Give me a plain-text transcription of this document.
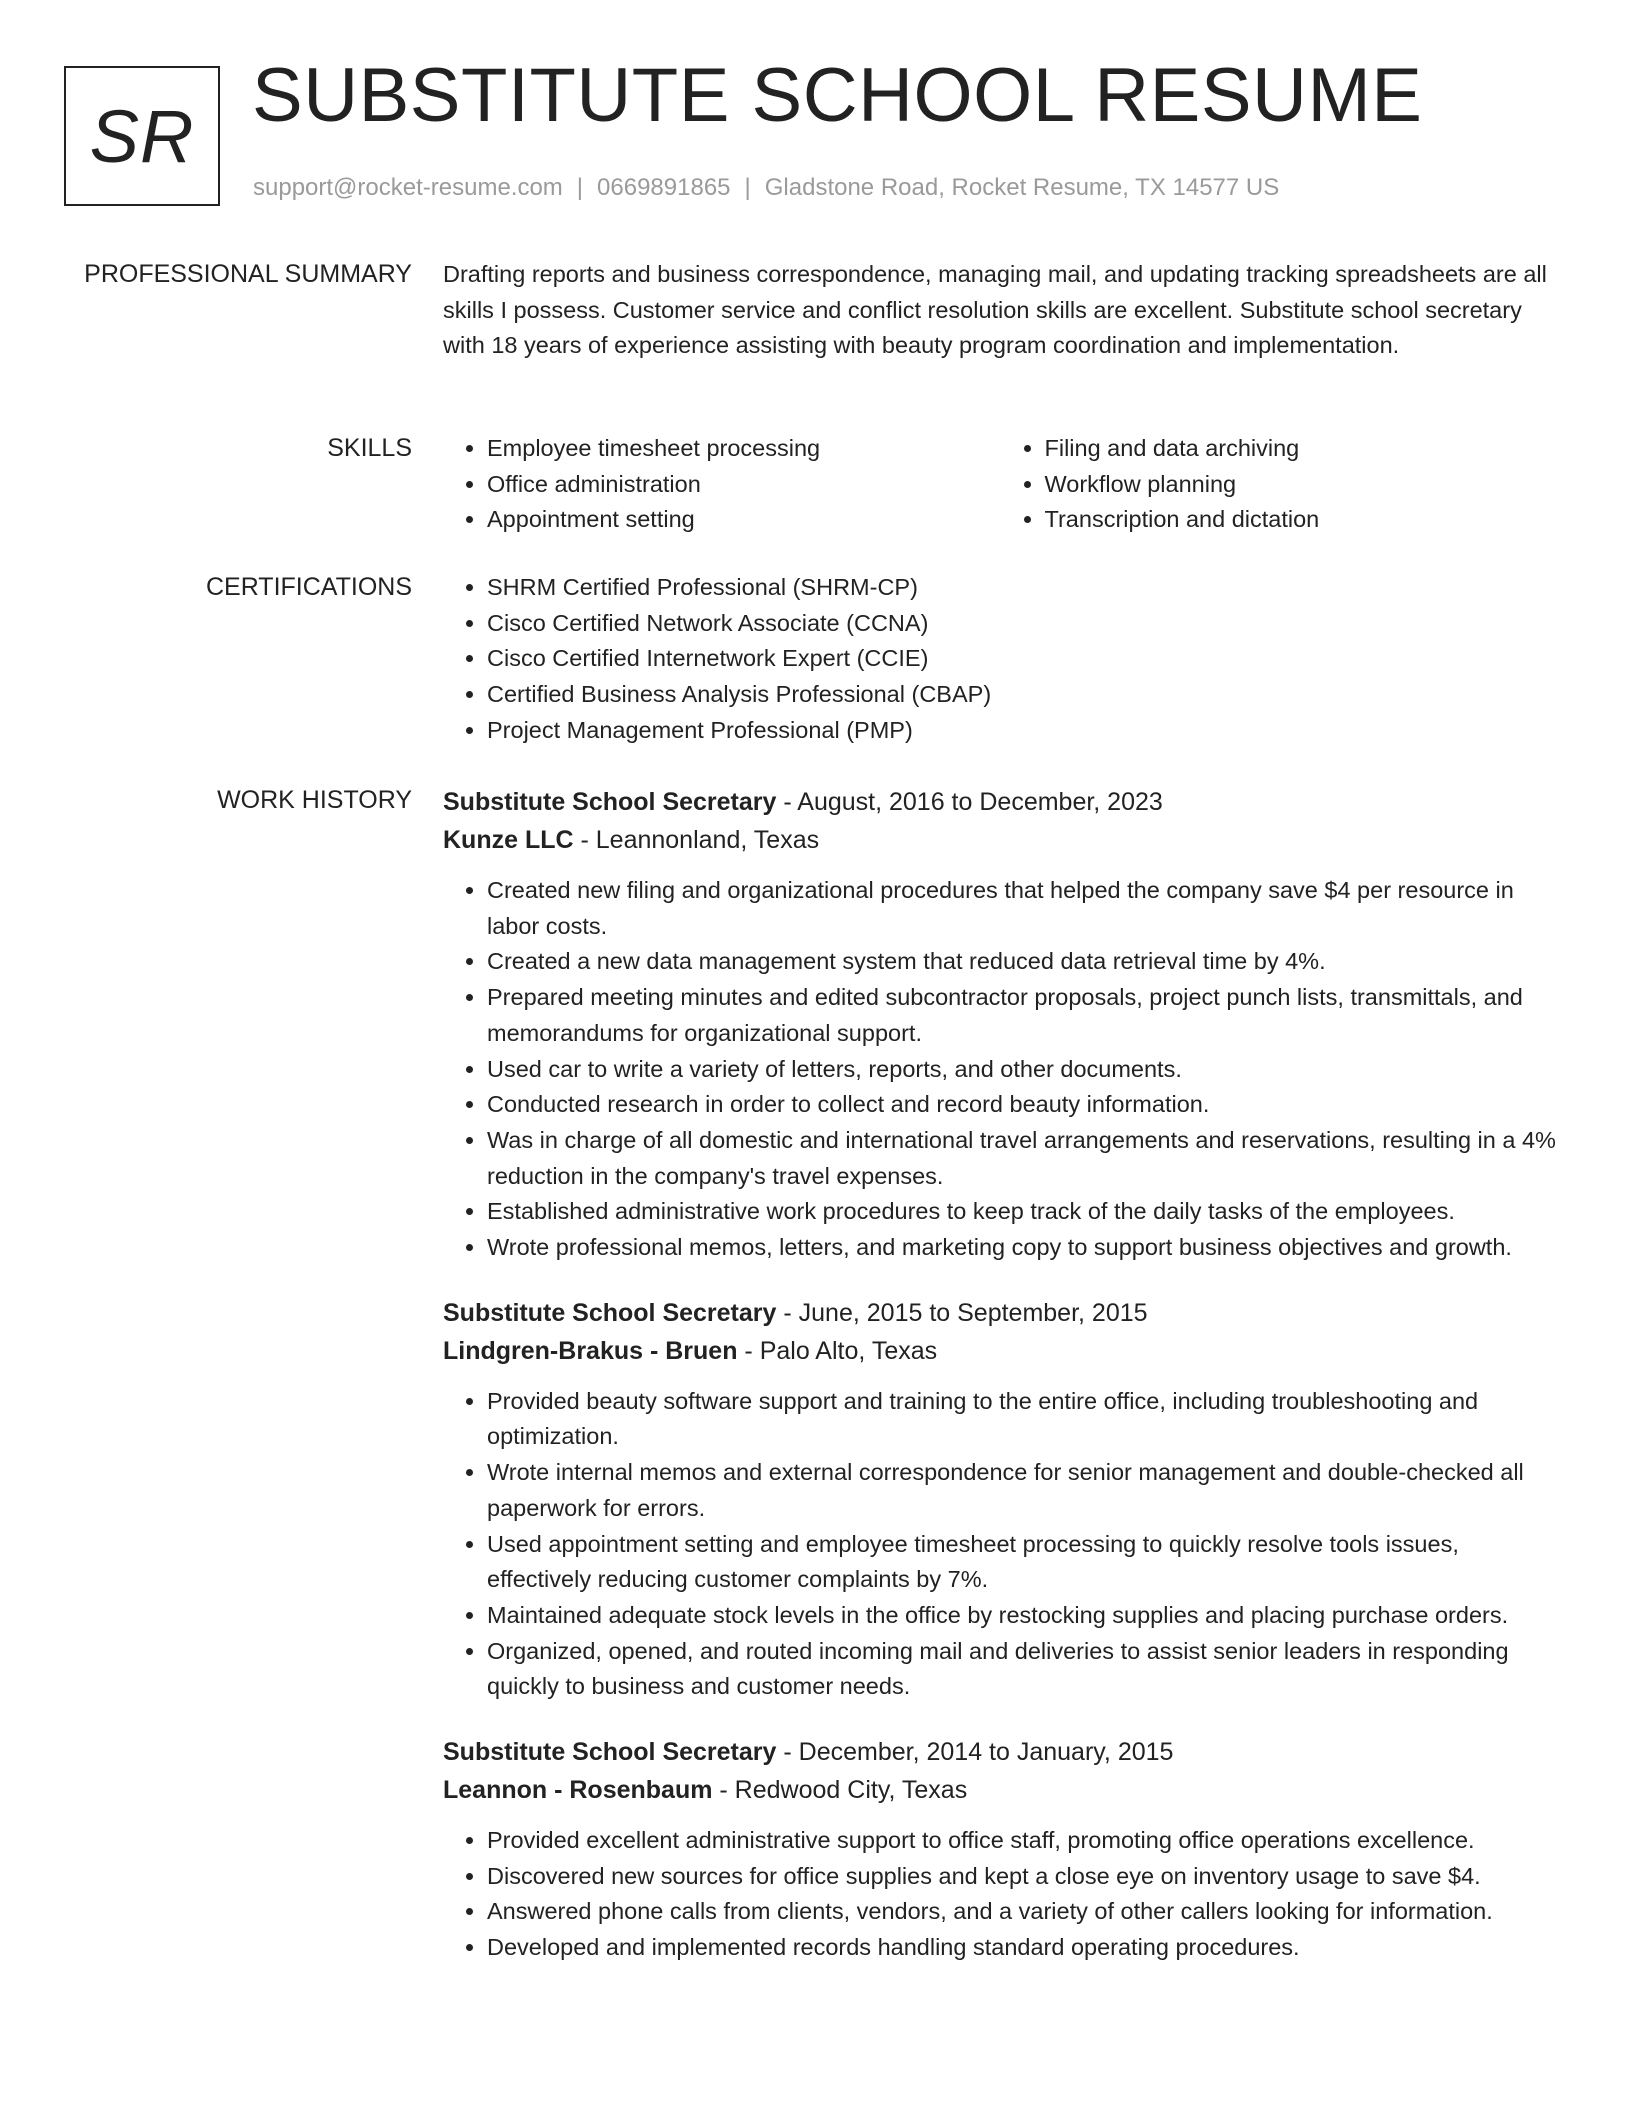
SR SUBSTITUTE SCHOOL RESUME
support@rocket-resume.com | 0669891865 | Gladstone Road, Rocket Resume, TX 14577 US
PROFESSIONAL SUMMARY Drafting reports and business correspondence, managing mail, and updating tracking spreadsheets are all skills I possess. Customer service and conflict resolution skills are excellent. Substitute school secretary with 18 years of experience assisting with beauty program coordination and implementation.

SKILLS	• Employee timesheet processing
• Office administration
• Appointment setting
• Filing and data archiving
• Workflow planning
• Transcription and dictation
CERTIFICATIONS	• SHRM Certified Professional (SHRM-CP)
• Cisco Certified Network Associate (CCNA)
• Cisco Certified Internetwork Expert (CCIE)
• Certified Business Analysis Professional (CBAP)
• Project Management Professional (PMP)
WORK HISTORY Substitute School Secretary - August, 2016 to December, 2023
Kunze LLC - Leannonland, Texas
• Created new filing and organizational procedures that helped the company save $4 per resource in labor costs.
• Created a new data management system that reduced data retrieval time by 4%.
• Prepared meeting minutes and edited subcontractor proposals, project punch lists, transmittals, and memorandums for organizational support.
• Used car to write a variety of letters, reports, and other documents.
• Conducted research in order to collect and record beauty information.
• Was in charge of all domestic and international travel arrangements and reservations, resulting in a 4% reduction in the company's travel expenses.
• Established administrative work procedures to keep track of the daily tasks of the employees.
• Wrote professional memos, letters, and marketing copy to support business objectives and growth.
Substitute School Secretary - June, 2015 to September, 2015
Lindgren-Brakus - Bruen - Palo Alto, Texas
• Provided beauty software support and training to the entire office, including troubleshooting and optimization.
• Wrote internal memos and external correspondence for senior management and double-checked all paperwork for errors.
• Used appointment setting and employee timesheet processing to quickly resolve tools issues, effectively reducing customer complaints by 7%.
• Maintained adequate stock levels in the office by restocking supplies and placing purchase orders.
• Organized, opened, and routed incoming mail and deliveries to assist senior leaders in responding quickly to business and customer needs.
Substitute School Secretary - December, 2014 to January, 2015
Leannon - Rosenbaum - Redwood City, Texas
• Provided excellent administrative support to office staff, promoting office operations excellence.
• Discovered new sources for office supplies and kept a close eye on inventory usage to save $4.
• Answered phone calls from clients, vendors, and a variety of other callers looking for information.
• Developed and implemented records handling standard operating procedures.
